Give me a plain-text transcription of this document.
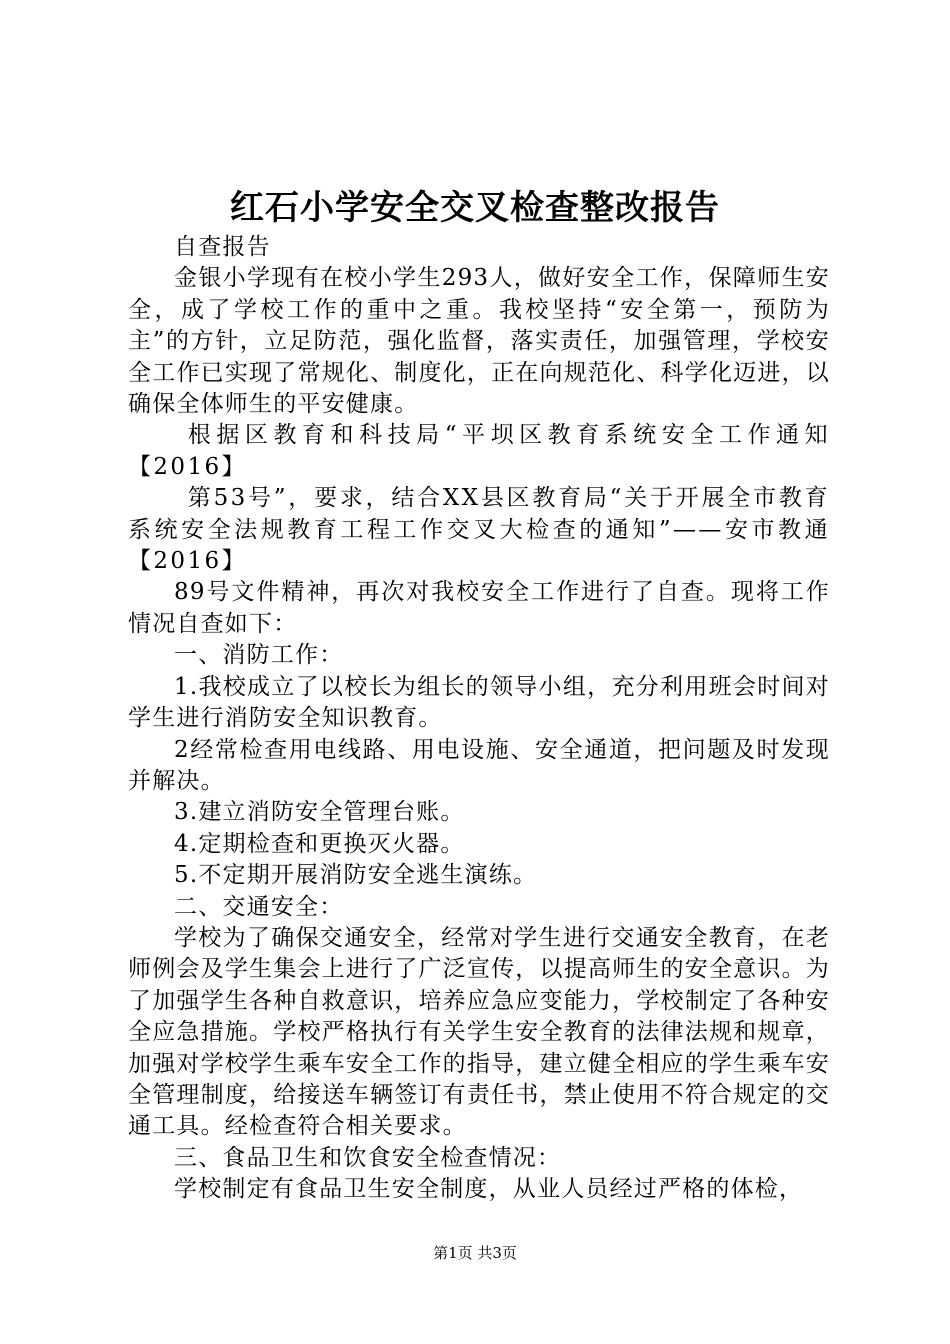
红石小学安全交叉检查整改报告

自查报告

金银小学现有在校小学生293人，做好安全工作，保障师生安全，成了学校工作的重中之重。我校坚持“安全第一，预防为主”的方针，立足防范，强化监督，落实责任，加强管理，学校安全工作已实现了常规化、制度化，正在向规范化、科学化迈进，以确保全体师生的平安健康。

根据区教育和科技局“平坝区教育系统安全工作通知【2016】

第53号”，要求，结合XX县区教育局“关于开展全市教育系统安全法规教育工程工作交叉大检查的通知”——安市教通【2016】

89号文件精神，再次对我校安全工作进行了自查。现将工作情况自查如下：

一、消防工作：

1.我校成立了以校长为组长的领导小组，充分利用班会时间对学生进行消防安全知识教育。

2经常检查用电线路、用电设施、安全通道，把问题及时发现并解决。

3.建立消防安全管理台账。

4.定期检查和更换灭火器。

5.不定期开展消防安全逃生演练。

二、交通安全：

学校为了确保交通安全，经常对学生进行交通安全教育，在老师例会及学生集会上进行了广泛宣传，以提高师生的安全意识。为了加强学生各种自救意识，培养应急应变能力，学校制定了各种安全应急措施。学校严格执行有关学生安全教育的法律法规和规章，加强对学校学生乘车安全工作的指导，建立健全相应的学生乘车安全管理制度，给接送车辆签订有责任书，禁止使用不符合规定的交通工具。经检查符合相关要求。

三、食品卫生和饮食安全检查情况：

学校制定有食品卫生安全制度，从业人员经过严格的体检，

第1页 共3页
